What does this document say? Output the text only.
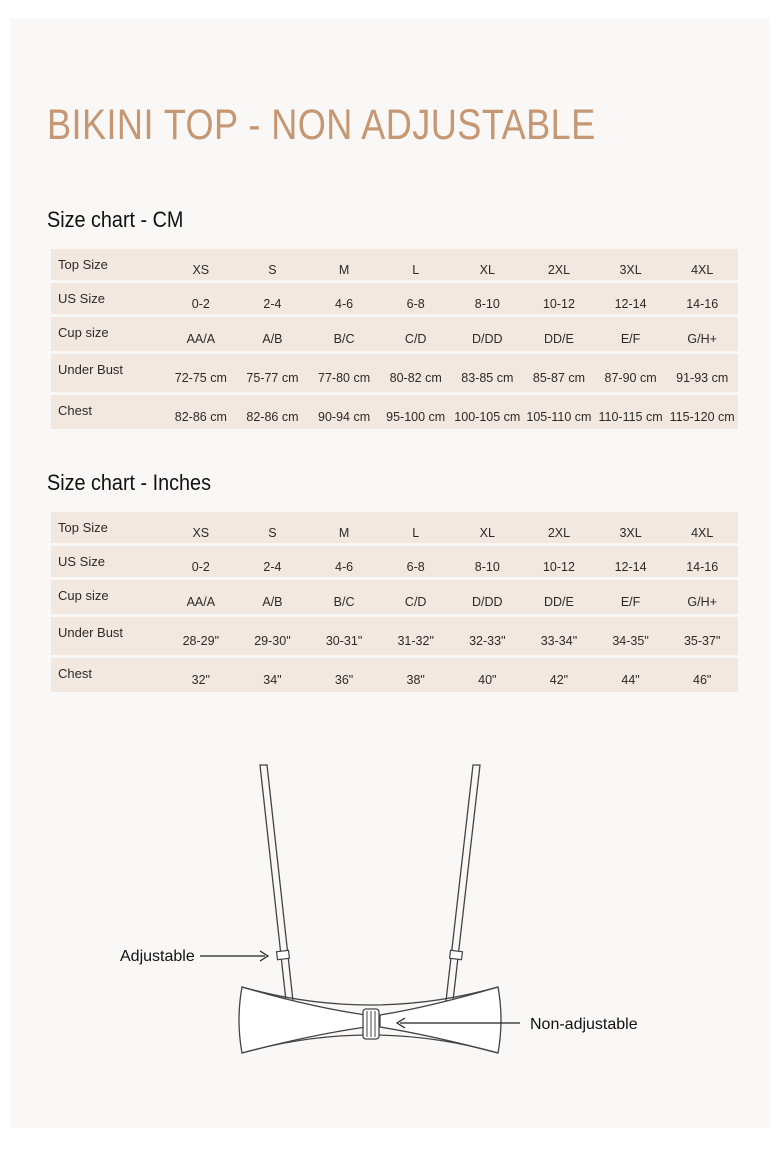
BIKINI TOP - NON ADJUSTABLE
Size chart - CM
Top Size	XS	S	M	L	XL	2XL	3XL	4XL
US Size	0-2	2-4	4-6	6-8	8-10	10-12	12-14	14-16
Cup size	AA/A	A/B	B/C	C/D	D/DD	DD/E	E/F	G/H+
Under Bust	72-75 cm	75-77 cm	77-80 cm	80-82 cm	83-85 cm	85-87 cm	87-90 cm	91-93 cm
Chest	82-86 cm	82-86 cm	90-94 cm	95-100 cm	100-105 cm	105-110 cm	110-115 cm	115-120 cm
Size chart - Inches
Top Size	XS	S	M	L	XL	2XL	3XL	4XL
US Size	0-2	2-4	4-6	6-8	8-10	10-12	12-14	14-16
Cup size	AA/A	A/B	B/C	C/D	D/DD	DD/E	E/F	G/H+
Under Bust	28-29"	29-30"	30-31"	31-32"	32-33"	33-34"	34-35"	35-37"
Chest	32"	34"	36"	38"	40"	42"	44"	46"
Adjustable
Non-adjustable
